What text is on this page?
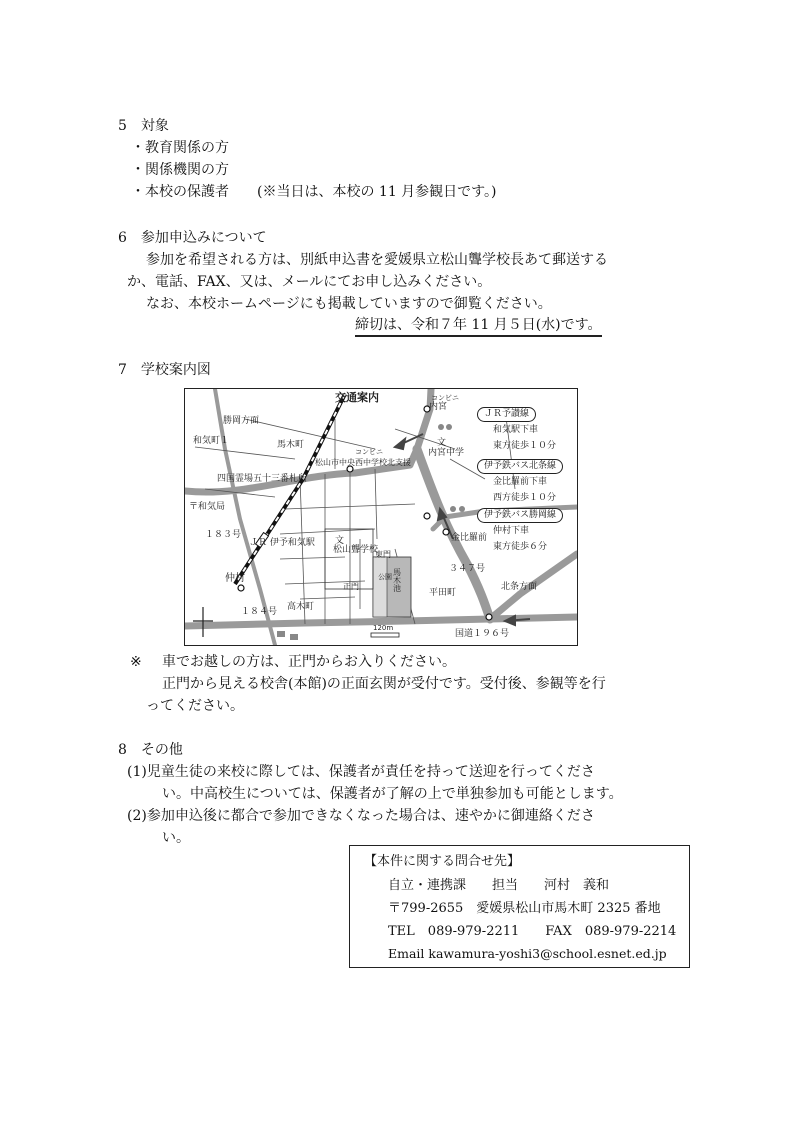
5　対象
・教育関係の方
・関係機関の方
・本校の保護者　　(※当日は、本校の 11 月参観日です。)
6　参加申込みについて
参加を希望される方は、別紙申込書を愛媛県立松山聾学校長あて郵送する
か、電話、FAX、又は、メールにてお申し込みください。
なお、本校ホームページにも掲載していますので御覧ください。
締切は、令和７年 11 月５日(水)です。
7　学校案内図
交通案内
勝岡方面
和気町１	馬木町
四国霊場五十三番札所
〒和気局
１８３号
ＪＲ 伊予和気駅
仲村
１８４号 高木町
文
松山聾学校
正門
東門
公園 馬木池
コンビニ
内宮
文
内宮中学
コンビニ
松山市中央西中学校北支援
金比羅前
３４７号
平田町
北条方面
国道１９６号
120m
ＪＲ予讃線
和気駅下車
東方徒歩１０分
伊予鉄バス北条線
金比羅前下車
西方徒歩１０分
伊予鉄バス勝岡線
仲村下車
東方徒歩６分
※ 車でお越しの方は、正門からお入りください。
正門から見える校舎(本館)の正面玄関が受付です。受付後、参観等を行
ってください。
8　その他
(1)児童生徒の来校に際しては、保護者が責任を持って送迎を行ってくださ
い。中高校生については、保護者が了解の上で単独参加も可能とします。
(2)参加申込後に都合で参加できなくなった場合は、速やかに御連絡くださ
い。
【本件に関する問合せ先】
自立・連携課　　担当　　河村　義和
〒799-2655　愛媛県松山市馬木町 2325 番地
TEL　089-979-2211　　FAX　089-979-2214
Email kawamura-yoshi3@school.esnet.ed.jp
